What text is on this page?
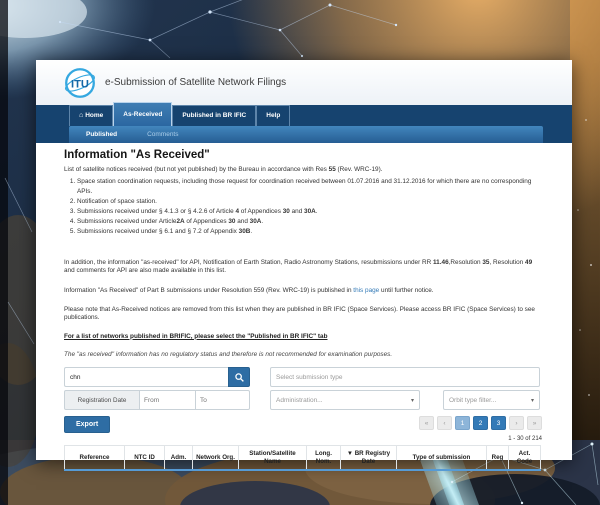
ITU e-Submission of Satellite Network Filings
⌂ Home	As-Received	Published in BR IFIC	Help
Published	Comments
Information "As Received"

List of satellite notices received (but not yet published) by the Bureau in accordance with Res 55 (Rev. WRC-19).

1. Space station coordination requests, including those request for coordination received between 01.07.2016 and 31.12.2016 for which there are no corresponding APIs.
2. Notification of space station.
3. Submissions received under § 4.1.3 or § 4.2.6 of Article 4 of Appendices 30 and 30A.
4. Submissions received under Article2A of Appendices 30 and 30A.
5. Submissions received under § 6.1 and § 7.2 of Appendix 30B.

In addition, the information "as-received" for API, Notification of Earth Station, Radio Astronomy Stations, resubmissions under RR 11.46,Resolution 35, Resolution 49 and comments for API are also made available in this list.

Information "As Received" of Part B submissions under Resolution 559 (Rev. WRC-19) is published in this page until further notice.

Please note that As-Received notices are removed from this list when they are published in BR IFIC (Space Services). Please access BR IFIC (Space Services) to see publications.

For a list of networks published in BRIFIC, please select the "Published in BR IFIC" tab

The "as received" information has no regulatory status and therefore is not recommended for examination purposes.

chn
Select submission type
Registration Date
From
To	Administration...	▾	Orbit type filter...	▾
Export	«	‹	1	2	3	›	»
1 - 30 of 214
Reference	NTC ID	Adm.	Network Org.	Station/Satellite Name	Long. Nom.	▼ BR Registry Date	Type of submission	Reg	Act. Code
